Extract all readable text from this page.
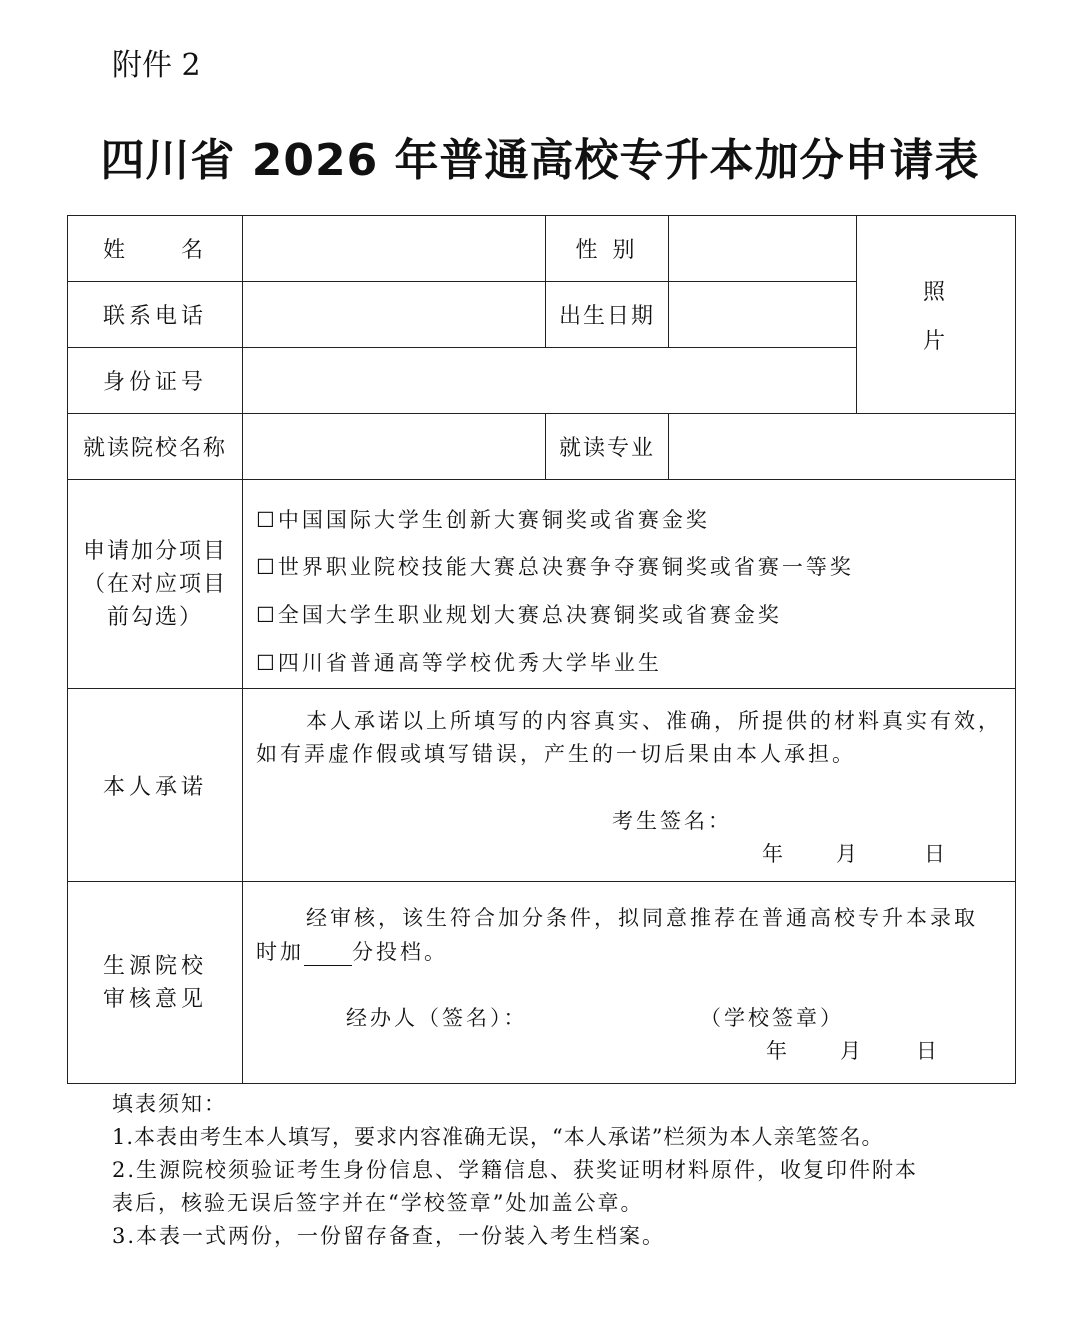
附件 2
四川省 2026 年普通高校专升本加分申请表
姓　　名	性 别
照
片
联系电话	出生日期
身份证号
就读院校名称	就读专业
申请加分项目
（在对应项目
前勾选）
☐中国国际大学生创新大赛铜奖或省赛金奖
☐世界职业院校技能大赛总决赛争夺赛铜奖或省赛一等奖
☐全国大学生职业规划大赛总决赛铜奖或省赛金奖
☐四川省普通高等学校优秀大学毕业生
本人承诺
本人承诺以上所填写的内容真实、准确，所提供的材料真实有效，
如有弄虚作假或填写错误，产生的一切后果由本人承担。
考生签名：
年 月	日
生源院校
审核意见
经审核，该生符合加分条件，拟同意推荐在普通高校专升本录取
时加 分投档。
经办人（签名）：	（学校签章）
年 月 日
填表须知：
1.本表由考生本人填写，要求内容准确无误，“本人承诺”栏须为本人亲笔签名。
2.生源院校须验证考生身份信息、学籍信息、获奖证明材料原件，收复印件附本
表后，核验无误后签字并在“学校签章”处加盖公章。
3.本表一式两份，一份留存备查，一份装入考生档案。
